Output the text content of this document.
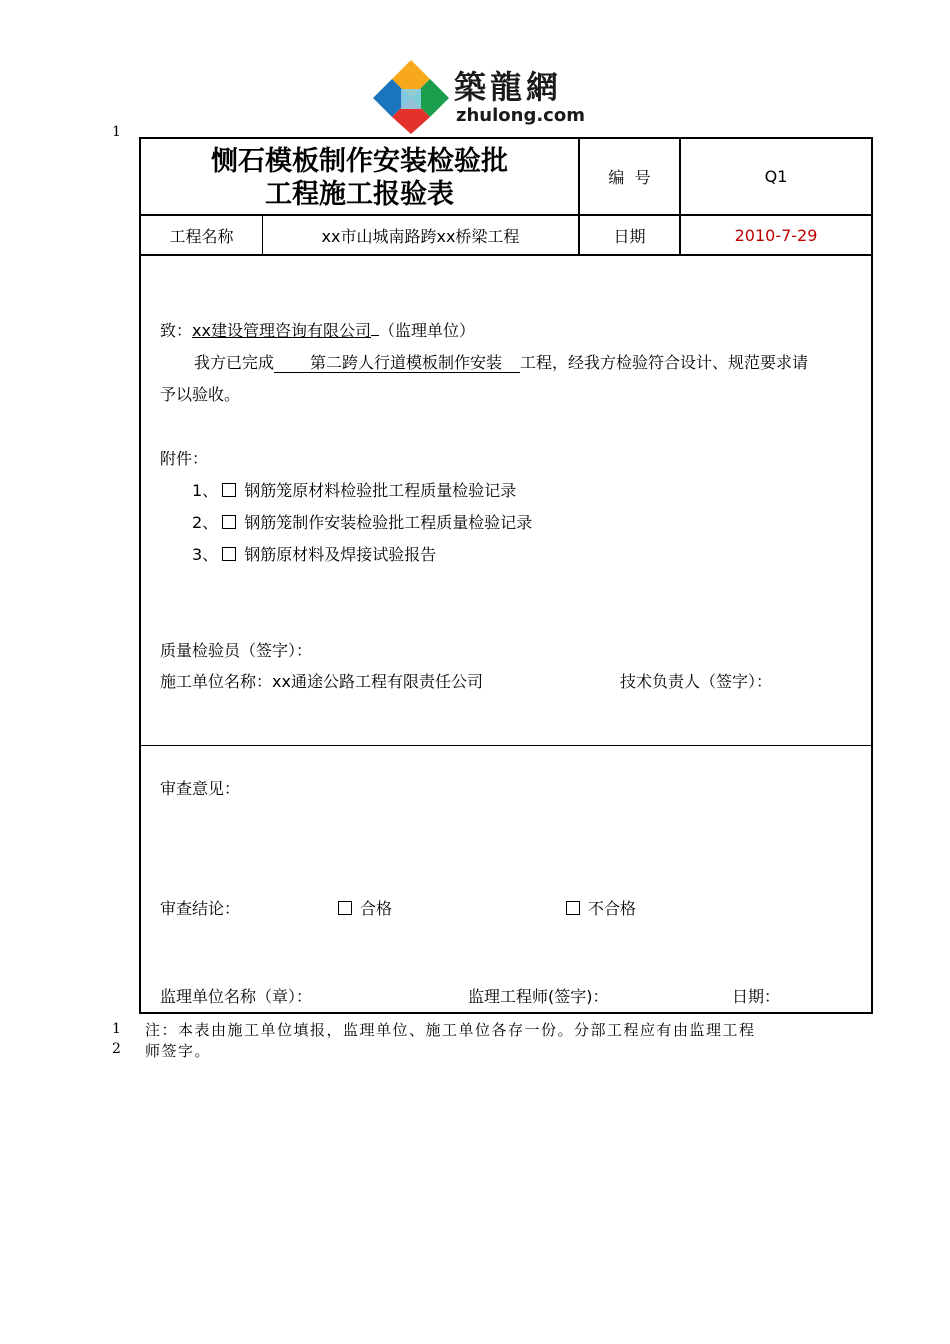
築龍網
zhulong.com
1
恻石模板制作安装检验批
工程施工报验表
编  号	Q1
工程名称	xx市山城南路跨xx桥梁工程	日期	2010-7-29
致：xx建设管理咨询有限公司 （监理单位）
我方已完成 第二跨人行道模板制作安装 工程，经我方检验符合设计、规范要求请
予以验收。
附件：
1、 钢筋笼原材料检验批工程质量检验记录
2、 钢筋笼制作安装检验批工程质量检验记录
3、 钢筋原材料及焊接试验报告
质量检验员（签字）：
施工单位名称：xx通途公路工程有限责任公司	技术负责人（签字）：
审查意见：
审查结论：	合格	不合格
监理单位名称（章）：	监理工程师(签字)：	日期：
1
2
注：本表由施工单位填报，监理单位、施工单位各存一份。分部工程应有由监理工程
师签字。
